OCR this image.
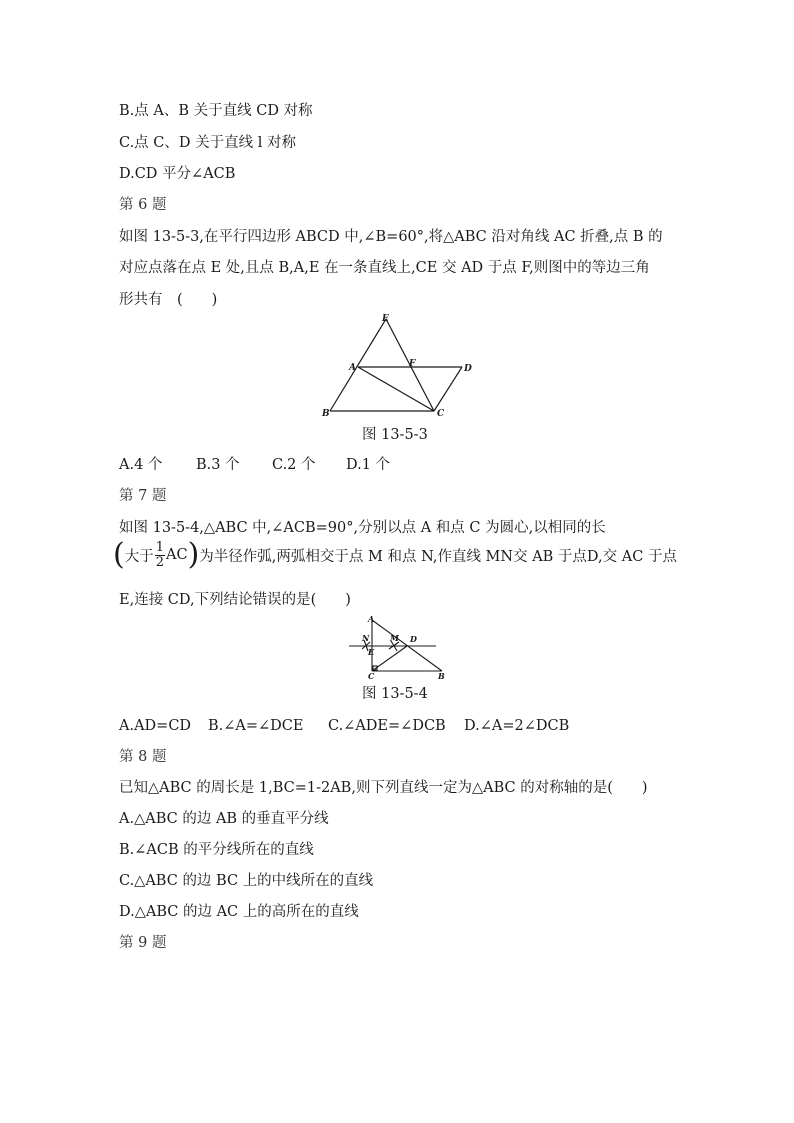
B.点 A、B 关于直线 CD 对称
C.点 C、D 关于直线 l 对称
D.CD 平分∠ACB
第 6 题
如图 13-5-3,在平行四边形 ABCD 中,∠B=60°,将△ABC 沿对角线 AC 折叠,点 B 的
对应点落在点 E 处,且点 B,A,E 在一条直线上,CE 交 AD 于点 F,则图中的等边三角
形共有　(　　)
E
A	F	D
B	C
图 13-5-3
A.4 个 B.3 个 C.2 个 D.1 个
第 7 题
如图 13-5-4,△ABC 中,∠ACB=90°,分别以点 A 和点 C 为圆心,以相同的长
( 大于 $\frac{1}{2}$ AC ) 为半径作弧,两弧相交于点 M 和点 N,作直线 MN交 AB 于点D,交 AC 于点
E,连接 CD,下列结论错误的是(　　)
A
N	M D
E
C	B
图 13-5-4
A.AD=CD B.∠A=∠DCE C.∠ADE=∠DCB D.∠A=2∠DCB
第 8 题
已知△ABC 的周长是 1,BC=1-2AB,则下列直线一定为△ABC 的对称轴的是(　　)
A.△ABC 的边 AB 的垂直平分线
B.∠ACB 的平分线所在的直线
C.△ABC 的边 BC 上的中线所在的直线
D.△ABC 的边 AC 上的高所在的直线
第 9 题
